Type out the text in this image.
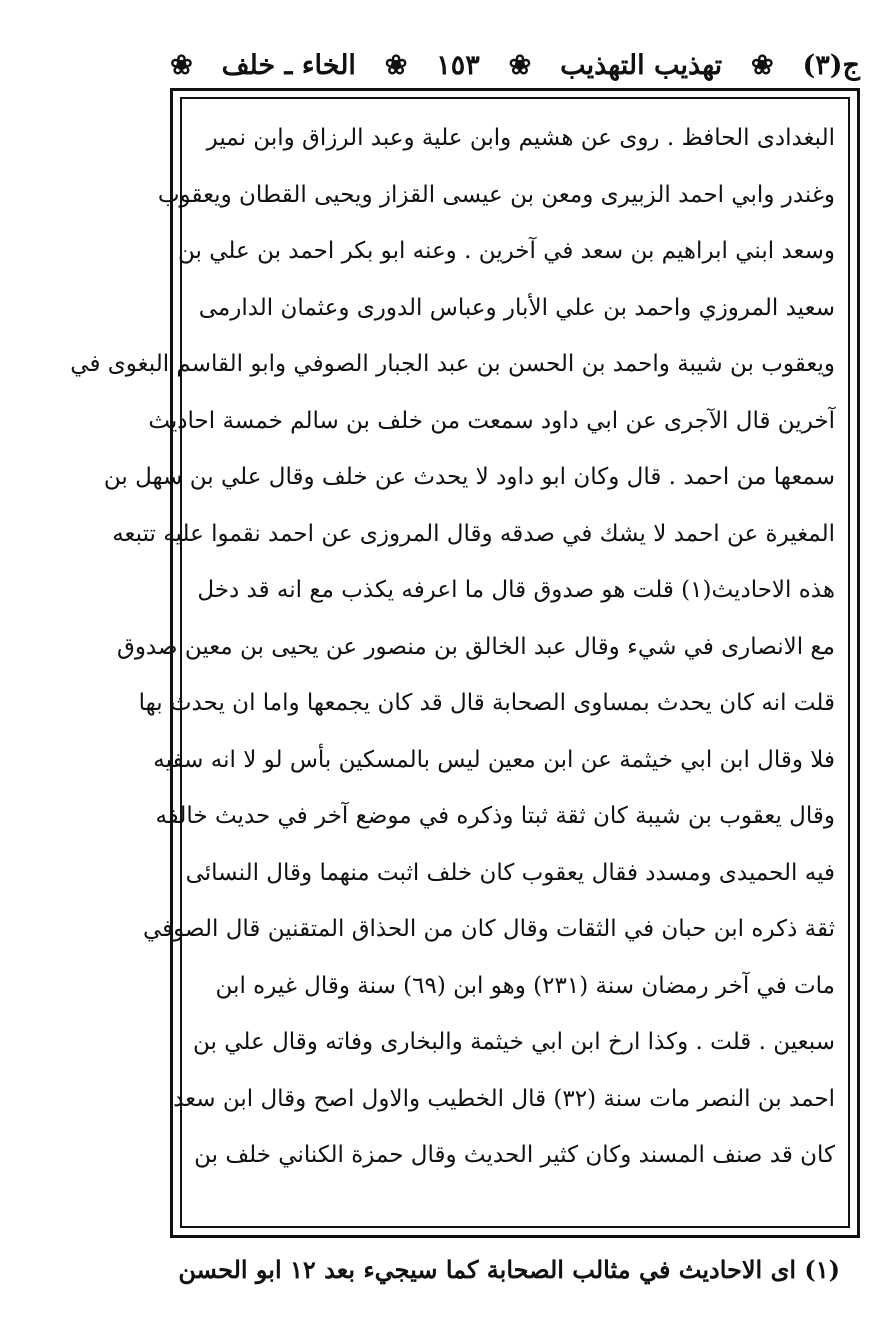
ج(٣)
❀
تهذيب التهذيب
❀
١٥٣
❀
الخاء ـ خلف
❀
البغدادى الحافظ . روى عن هشيم وابن علية وعبد الرزاق وابن نمير
وغندر وابي احمد الزبيرى ومعن بن عيسى القزاز ويحيى القطان ويعقوب
وسعد ابني ابراهيم بن سعد في آخرين . وعنه ابو بكر احمد بن علي بن
سعيد المروزي واحمد بن علي الأبار وعباس الدورى وعثمان الدارمى
ويعقوب بن شيبة واحمد بن الحسن بن عبد الجبار الصوفي وابو القاسم البغوى في
آخرين قال الآجرى عن ابي داود سمعت من خلف بن سالم خمسة احاديث
سمعها من احمد . قال وكان ابو داود لا يحدث عن خلف وقال علي بن سهل بن
المغيرة عن احمد لا يشك في صدقه وقال المروزى عن احمد نقموا عليه تتبعه
هذه الاحاديث(١) قلت هو صدوق قال ما اعرفه يكذب مع انه قد دخل
مع الانصارى في شيء وقال عبد الخالق بن منصور عن يحيى بن معين صدوق
قلت انه كان يحدث بمساوى الصحابة قال قد كان يجمعها واما ان يحدث بها
فلا وقال ابن ابي خيثمة عن ابن معين ليس بالمسكين بأس لو لا انه سفيه
وقال يعقوب بن شيبة كان ثقة ثبتا وذكره في موضع آخر في حديث خالفه
فيه الحميدى ومسدد فقال يعقوب كان خلف اثبت منهما وقال النسائى
ثقة ذكره ابن حبان في الثقات وقال كان من الحذاق المتقنين قال الصوفي
مات في آخر رمضان سنة (٢٣١) وهو ابن (٦٩) سنة وقال غيره ابن
سبعين . قلت . وكذا ارخ ابن ابي خيثمة والبخارى وفاته وقال علي بن
احمد بن النصر مات سنة (٣٢) قال الخطيب والاول اصح وقال ابن سعد
كان قد صنف المسند وكان كثير الحديث وقال حمزة الكناني خلف بن
(١) اى الاحاديث في مثالب الصحابة كما سيجيء بعد ١٢ ابو الحسن
